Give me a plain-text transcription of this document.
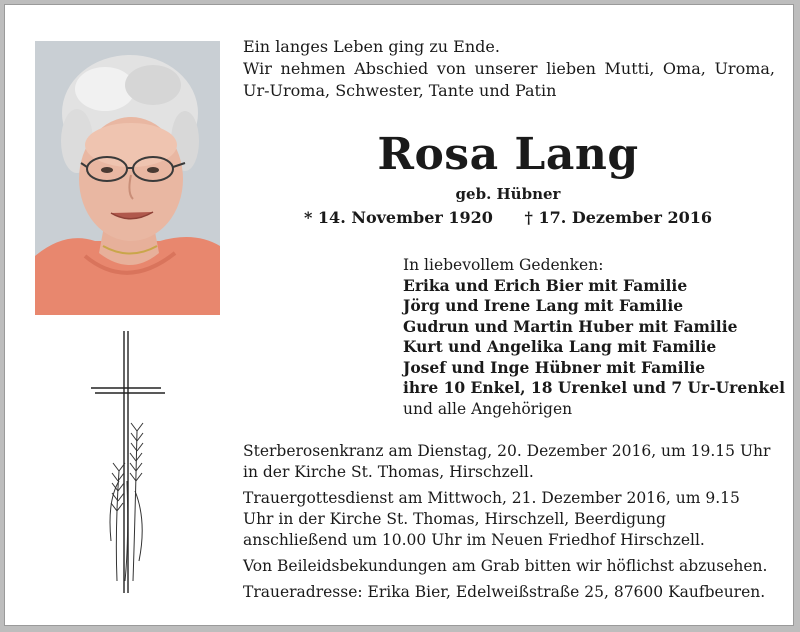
Ein langes Leben ging zu Ende.

Wir nehmen Abschied von unserer lieben Mutti, Oma, Uroma, Ur-Uroma, Schwester, Tante und Patin

Rosa Lang
geb. Hübner
* 14. November 1920 † 17. Dezember 2016
In liebevollem Gedenken:
Erika und Erich Bier mit Familie
Jörg und Irene Lang mit Familie
Gudrun und Martin Huber mit Familie
Kurt und Angelika Lang mit Familie
Josef und Inge Hübner mit Familie
ihre 10 Enkel, 18 Urenkel und 7 Ur-Urenkel
und alle Angehörigen

Sterberosenkranz am Dienstag, 20. Dezember 2016, um 19.15 Uhr in der Kirche St. Thomas, Hirschzell.

Trauergottesdienst am Mittwoch, 21. Dezember 2016, um 9.15 Uhr in der Kirche St. Thomas, Hirschzell, Beerdigung anschließend um 10.00 Uhr im Neuen Friedhof Hirschzell.

Von Beileidsbekundungen am Grab bitten wir höflichst abzusehen.

Traueradresse: Erika Bier, Edelweißstraße 25, 87600 Kaufbeuren.
